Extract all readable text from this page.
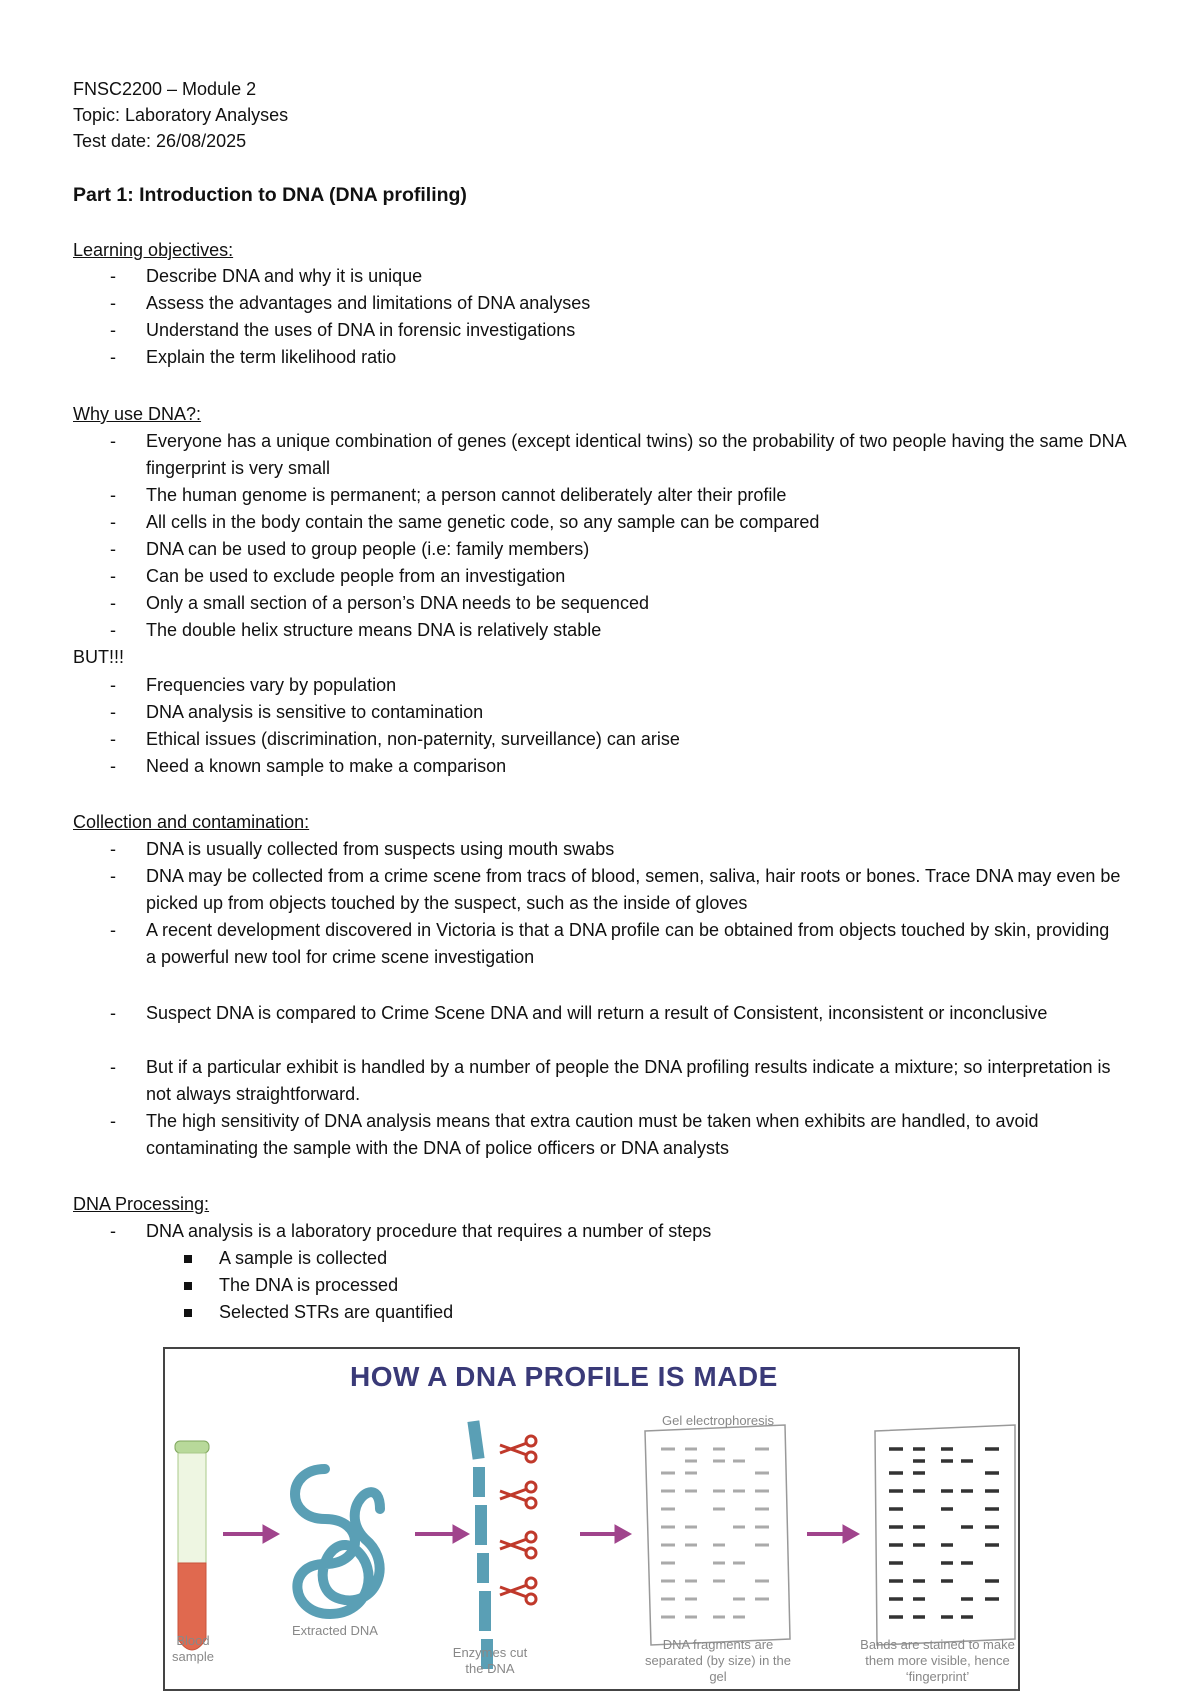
FNSC2200 – Module 2
Topic: Laboratory Analyses
Test date: 26/08/2025
Part 1: Introduction to DNA (DNA profiling)
Learning objectives:
-	Describe DNA and why it is unique
-	Assess the advantages and limitations of DNA analyses
-	Understand the uses of DNA in forensic investigations
-	Explain the term likelihood ratio
Why use DNA?:
-	Everyone has a unique combination of genes (except identical twins) so the probability of two people having the same DNA fingerprint is very small
-	The human genome is permanent; a person cannot deliberately alter their profile
-	All cells in the body contain the same genetic code, so any sample can be compared
-	DNA can be used to group people (i.e: family members)
-	Can be used to exclude people from an investigation
-	Only a small section of a person’s DNA needs to be sequenced
-	The double helix structure means DNA is relatively stable
BUT!!!
-	Frequencies vary by population
-	DNA analysis is sensitive to contamination
-	Ethical issues (discrimination, non-paternity, surveillance) can arise
-	Need a known sample to make a comparison
Collection and contamination:
-	DNA is usually collected from suspects using mouth swabs
-	DNA may be collected from a crime scene from tracs of blood, semen, saliva, hair roots or bones. Trace DNA may even be picked up from objects touched by the suspect, such as the inside of gloves
-	A recent development discovered in Victoria is that a DNA profile can be obtained from objects touched by skin, providing a powerful new tool for crime scene investigation
-	Suspect DNA is compared to Crime Scene DNA and will return a result of Consistent, inconsistent or inconclusive
-	But if a particular exhibit is handled by a number of people the DNA profiling results indicate a mixture; so interpretation is not always straightforward.
-	The high sensitivity of DNA analysis means that extra caution must be taken when exhibits are handled, to avoid contaminating the sample with the DNA of police officers or DNA analysts
DNA Processing:
-	DNA analysis is a laboratory procedure that requires a number of steps
A sample is collected
The DNA is processed
Selected STRs are quantified
HOW A DNA PROFILE IS MADE
Gel electrophoresis
Blood sample
Extracted DNA
Enzymes cut the DNA
DNA fragments are separated (by size) in the gel
Bands are stained to make them more visible, hence ‘fingerprint’
